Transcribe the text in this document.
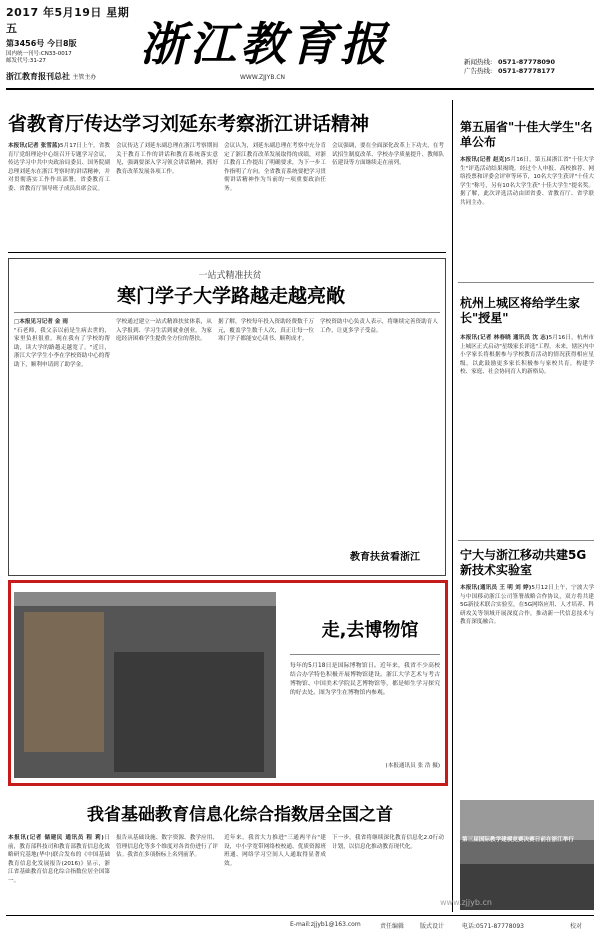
2017 年5月19日 星期五
第3456号 今日8版
国内统一刊号:CN33-0017
邮发代号:31-27
浙江教育报刊总社 主管主办
浙江教育报
WWW.ZJJYB.CN
新闻热线: 0571-87778090
广告热线: 0571-87778177
省教育厅传达学习刘延东考察浙江讲话精神
本报讯(记者 张雪蓝)5月17日上午，省教育厅党组理论中心组召开专题学习会议，传达学习中共中央政治局委员、国务院副总理刘延东在浙江考察时的讲话精神，并对贯彻落实工作作出部署。省委教育工委、省教育厅领导班子成员出席会议。
会议传达了刘延东副总理在浙江考察期间关于教育工作的讲话和教育系统落实意见，强调要深入学习领会讲话精神，抓好教育改革发展各项工作。
会议认为，刘延东副总理在考察中充分肯定了浙江教育改革发展取得的成绩，对浙江教育工作提出了明确要求，为下一步工作指明了方向。全省教育系统要把学习贯彻讲话精神作为当前的一项重要政治任务。
会议强调，要在全面深化改革上下功夫，在考试招生制度改革、学校办学质量提升、教师队伍建设等方面继续走在前列。
一站式精准扶贫
寒门学子大学路越走越亮敞
□本报见习记者 金 雨
"石老师，我父亲以前是生病去世的，家里负担很重。现在我有了学校的帮助，读大学的路越走越宽了。"近日，浙江大学学生小李在学校资助中心的帮助下，顺利申请到了助学金。
学校通过建立一站式精准扶贫体系，从入学报到、学习生活到就业创业，为家庭经济困难学生提供全方位的帮扶。
据了解，学校每年投入资助经费数千万元，覆盖学生数千人次，真正让每一位寒门学子都能安心读书、顺利成才。
学校资助中心负责人表示，将继续完善资助育人工作，让更多学子受益。
教育扶贫看浙江
走,去博物馆
每年的5月18日是国际博物馆日。近年来，我省不少高校结合办学特色积极开展博物馆建设。浙江大学艺术与考古博物馆、中国美术学院民艺博物馆等，都是师生学习探究的好去处。图为学生在博物馆内参观。
(本报通讯员 张 浩 摄)
我省基础教育信息化综合指数居全国之首
本报讯(记者 储建民 通讯员 程 莉)日前，教育部科技司和教育部教育信息化战略研究基地(华中)联合发布的《中国基础教育信息化发展报告(2016)》显示，浙江省基础教育信息化综合指数位居全国第一。
报告从基础设施、数字资源、教学应用、管理信息化等多个维度对各省份进行了评估。我省在多项指标上名列前茅。
近年来，我省大力推进"三通两平台"建设，中小学宽带网络校校通、优质资源班班通、网络学习空间人人通取得显著成效。
下一步，我省将继续深化教育信息化2.0行动计划，以信息化推动教育现代化。
第五届省"十佳大学生"名单公布
本报讯(记者 赵克)5月16日，第五届浙江省"十佳大学生"评选活动结果揭晓。经过个人申报、高校推荐、网络投票和评委会评审等环节，10名大学生获评"十佳大学生"称号，另有10名大学生获"十佳大学生"提名奖。据了解，此次评选活动由团省委、省教育厅、省学联共同主办。
杭州上城区将给学生家长"授星"
本报讯(记者 林春晓 通讯员 沈 志)5月16日，杭州市上城区正式启动"星级家长评选"工程。未来，辖区内中小学家长将根据参与学校教育活动的情况获得相应星级，以此鼓励更多家长积极参与家校共育，构建学校、家庭、社会协同育人的新格局。
宁大与浙江移动共建5G新技术实验室
本报讯(通讯员 王 明 刘 婷)5月12日上午，宁波大学与中国移动浙江公司签署战略合作协议，双方将共建5G新技术联合实验室，在5G网络应用、人才培养、科研攻关等领域开展深度合作，推动新一代信息技术与教育深度融合。
第三届国际教学建模竞赛决赛日前在浙江举行
www.zjjyb.cn
E-mail:zjjyb1@163.com	责任编辑	版式设计	电话:0571-87778093	校对
